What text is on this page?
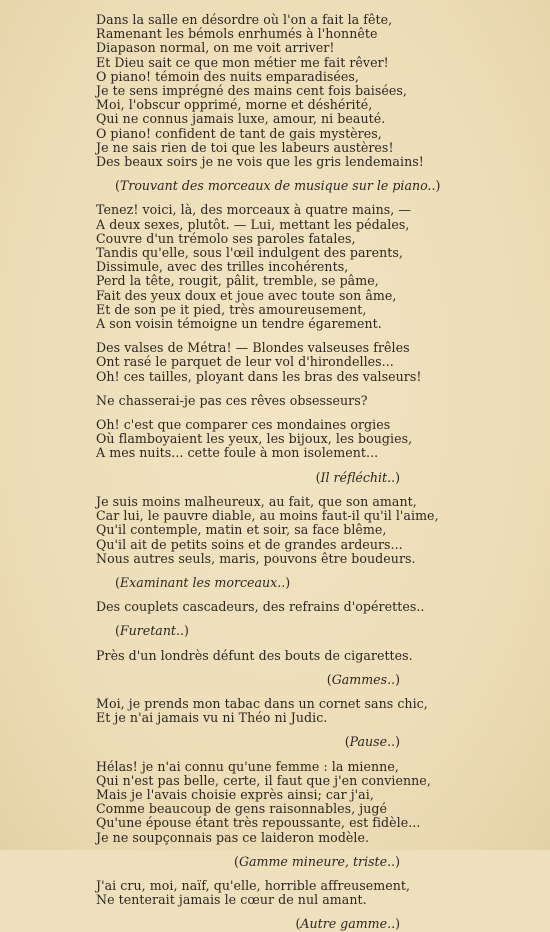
Dans la salle en désordre où l'on a fait la fête,
Ramenant les bémols enrhumés à l'honnête
Diapason normal, on me voit arriver!
Et Dieu sait ce que mon métier me fait rêver!
O piano! témoin des nuits emparadisées,
Je te sens imprégné des mains cent fois baisées,
Moi, l'obscur opprimé, morne et déshérité,
Qui ne connus jamais luxe, amour, ni beauté.
O piano! confident de tant de gais mystères,
Je ne sais rien de toi que les labeurs austères!
Des beaux soirs je ne vois que les gris lendemains!
(Trouvant des morceaux de musique sur le piano..)
Tenez! voici, là, des morceaux à quatre mains, —
A deux sexes, plutôt. — Lui, mettant les pédales,
Couvre d'un trémolo ses paroles fatales,
Tandis qu'elle, sous l'œil indulgent des parents,
Dissimule, avec des trilles incohérents,
Perd la tête, rougit, pâlit, tremble, se pâme,
Fait des yeux doux et joue avec toute son âme,
Et de son pe it pied, très amoureusement,
A son voisin témoigne un tendre égarement.
Des valses de Métra! — Blondes valseuses frêles
Ont rasé le parquet de leur vol d'hirondelles...
Oh! ces tailles, ployant dans les bras des valseurs!
Ne chasserai-je pas ces rêves obsesseurs?
Oh! c'est que comparer ces mondaines orgies
Où flamboyaient les yeux, les bijoux, les bougies,
A mes nuits... cette foule à mon isolement...
(Il réfléchit..)
Je suis moins malheureux, au fait, que son amant,
Car lui, le pauvre diable, au moins faut-il qu'il l'aime,
Qu'il contemple, matin et soir, sa face blême,
Qu'il ait de petits soins et de grandes ardeurs...
Nous autres seuls, maris, pouvons être boudeurs.
(Examinant les morceaux..)
Des couplets cascadeurs, des refrains d'opérettes..
(Furetant..)
Près d'un londrès défunt des bouts de cigarettes.
(Gammes..)
Moi, je prends mon tabac dans un cornet sans chic,
Et je n'ai jamais vu ni Théo ni Judic.
(Pause..)
Hélas! je n'ai connu qu'une femme : la mienne,
Qui n'est pas belle, certe, il faut que j'en convienne,
Mais je l'avais choisie exprès ainsi; car j'ai,
Comme beaucoup de gens raisonnables, jugé
Qu'une épouse étant très repoussante, est fidèle...
Je ne soupçonnais pas ce laideron modèle.
(Gamme mineure, triste..)
J'ai cru, moi, naïf, qu'elle, horrible affreusement,
Ne tenterait jamais le cœur de nul amant.
(Autre gamme..)
